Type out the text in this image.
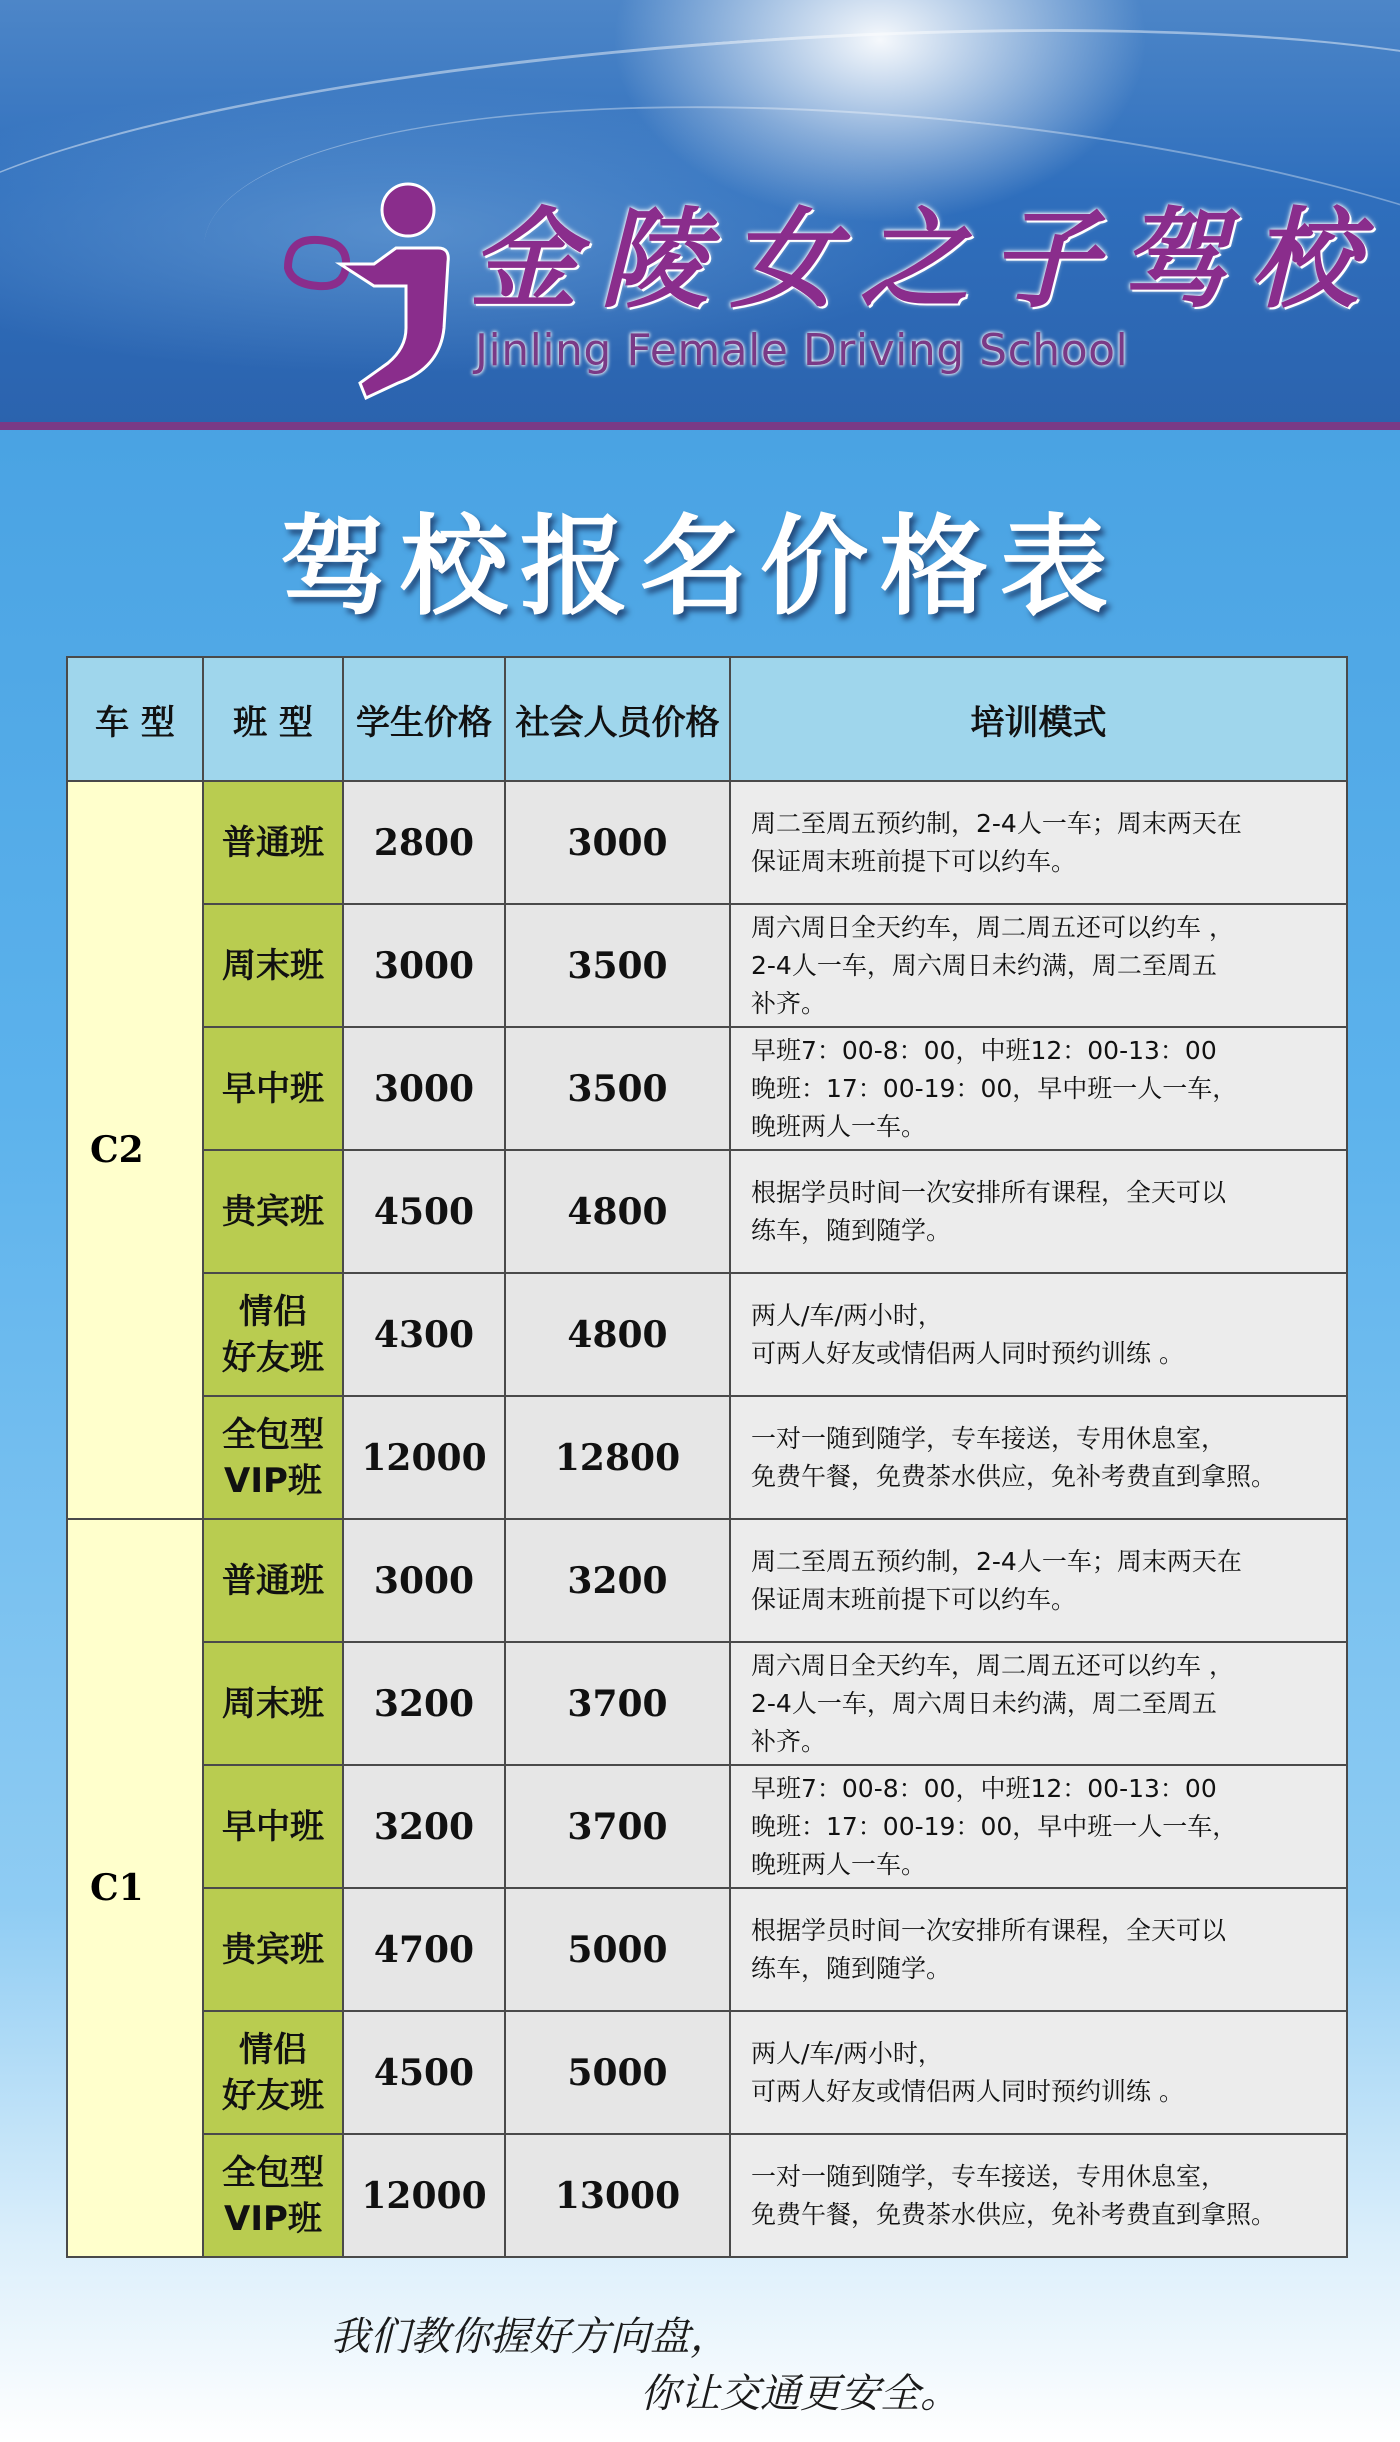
金陵女之子驾校
Jinling Female Driving School
驾校报名价格表
车 型	班 型	学生价格	社会人员价格	培训模式
C2	普通班	2800	3000	周二至周五预约制，2-4人一车；周末两天在
保证周末班前提下可以约车。
	周末班	3000	3500	周六周日全天约车，周二周五还可以约车 ，
2-4人一车，周六周日未约满，周二至周五
补齐。
	早中班	3000	3500	早班7：00-8：00，中班12：00-13：00
晚班：17：00-19：00，早中班一人一车，
晚班两人一车。
	贵宾班	4500	4800	根据学员时间一次安排所有课程，全天可以
练车，随到随学。
	情侣
好友班	4300	4800	两人/车/两小时，
可两人好友或情侣两人同时预约训练 。
	全包型
VIP班	12000	12800	一对一随到随学，专车接送，专用休息室，
免费午餐，免费茶水供应，免补考费直到拿照。
C1	普通班	3000	3200	周二至周五预约制，2-4人一车；周末两天在
保证周末班前提下可以约车。
	周末班	3200	3700	周六周日全天约车，周二周五还可以约车 ，
2-4人一车，周六周日未约满，周二至周五
补齐。
	早中班	3200	3700	早班7：00-8：00，中班12：00-13：00
晚班：17：00-19：00，早中班一人一车，
晚班两人一车。
	贵宾班	4700	5000	根据学员时间一次安排所有课程，全天可以
练车，随到随学。
	情侣
好友班	4500	5000	两人/车/两小时，
可两人好友或情侣两人同时预约训练 。
	全包型
VIP班	12000	13000	一对一随到随学，专车接送，专用休息室，
免费午餐，免费茶水供应，免补考费直到拿照。
我们教你握好方向盘，
你让交通更安全。
